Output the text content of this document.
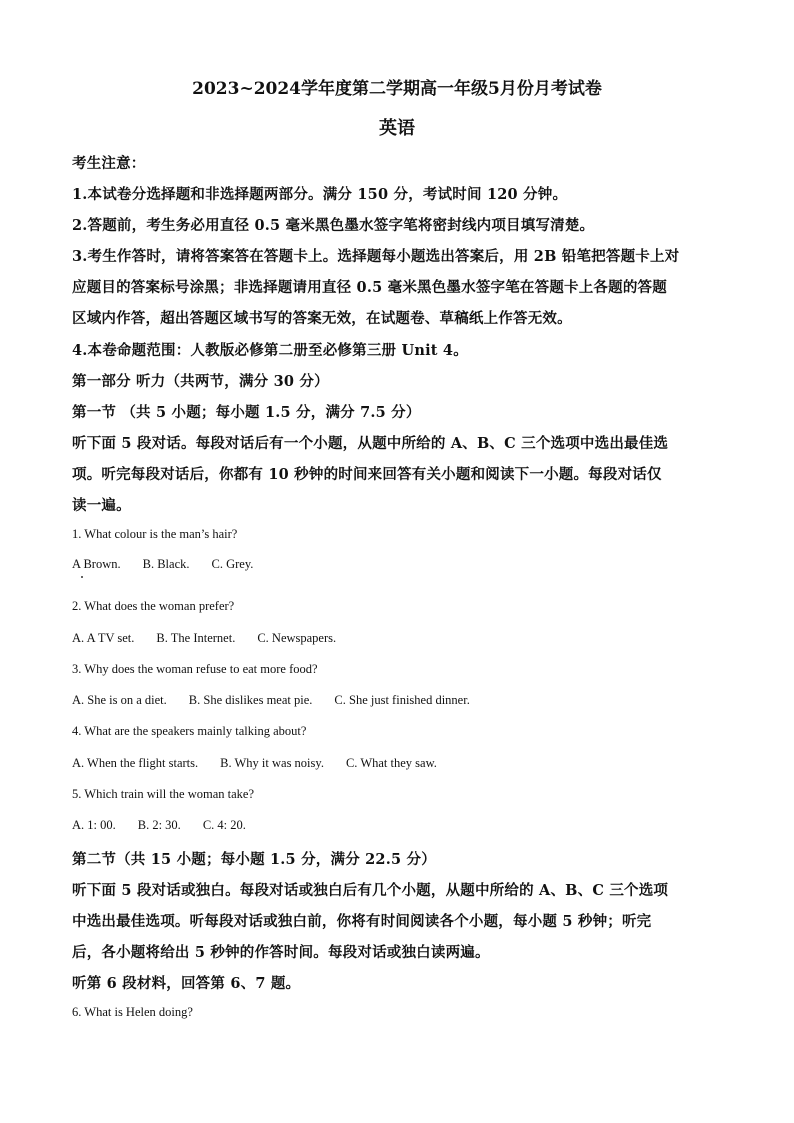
2023~2024学年度第二学期高一年级5月份月考试卷
英语
考生注意：
1.本试卷分选择题和非选择题两部分。满分 150 分，考试时间 120 分钟。
2.答题前，考生务必用直径 0.5 毫米黑色墨水签字笔将密封线内项目填写清楚。
3.考生作答时，请将答案答在答题卡上。选择题每小题选出答案后，用 2B 铅笔把答题卡上对
应题目的答案标号涂黑；非选择题请用直径 0.5 毫米黑色墨水签字笔在答题卡上各题的答题
区域内作答，超出答题区域书写的答案无效，在试题卷、草稿纸上作答无效。
4.本卷命题范围：人教版必修第二册至必修第三册 Unit 4。
第一部分 听力（共两节，满分 30 分）
第一节 （共 5 小题；每小题 1.5 分，满分 7.5 分）
听下面 5 段对话。每段对话后有一个小题，从题中所给的 A、B、C 三个选项中选出最佳选
项。听完每段对话后，你都有 10 秒钟的时间来回答有关小题和阅读下一小题。每段对话仅
读一遍。
1. What colour is the man’s hair?
A Brown. B. Black. C. Grey.
2. What does the woman prefer?
A. A TV set. B. The Internet. C. Newspapers.
3. Why does the woman refuse to eat more food?
A. She is on a diet. B. She dislikes meat pie. C. She just finished dinner.
4. What are the speakers mainly talking about?
A. When the flight starts. B. Why it was noisy. C. What they saw.
5. Which train will the woman take?
A. 1: 00. B. 2: 30. C. 4: 20.
第二节（共 15 小题；每小题 1.5 分，满分 22.5 分）
听下面 5 段对话或独白。每段对话或独白后有几个小题，从题中所给的 A、B、C 三个选项
中选出最佳选项。听每段对话或独白前，你将有时间阅读各个小题，每小题 5 秒钟；听完
后，各小题将给出 5 秒钟的作答时间。每段对话或独白读两遍。
听第 6 段材料，回答第 6、7 题。
6. What is Helen doing?
